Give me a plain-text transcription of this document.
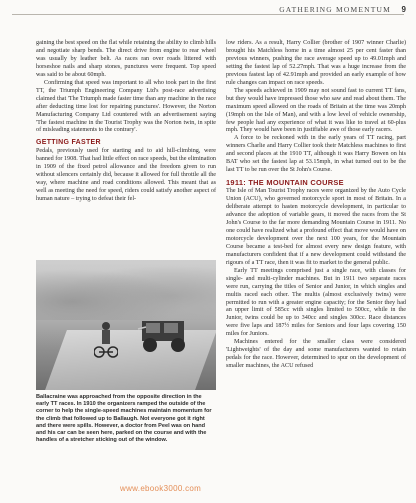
GATHERING MOMENTUM	9

gaining the best speed on the flat while retaining the ability to climb hills and negotiate sharp bends. The direct drive from engine to rear wheel was usually by leather belt. As races ran over roads littered with horseshoe nails and sharp stones, punctures were frequent. Top speed was said to be about 60mph.

Confirming that speed was important to all who took part in the first TT, the Triumph Engineering Company Ltd's post-race advertising claimed that 'The Triumph made faster time than any machine in the race after deducting time lost for repairing punctures'. However, the Norton Manufacturing Company Ltd countered with an advertisement saying 'The fastest machine in the Tourist Trophy was the Norton twin, in spite of misleading statements to the contrary'.

GETTING FASTER

Pedals, previously used for starting and to aid hill-climbing, were banned for 1908. That had little effect on race speeds, but the elimination in 1909 of the fixed petrol allowance and the freedom given to run without silencers certainly did, because it allowed for full throttle all the way, where machine and road conditions allowed. This meant that as well as meeting the need for speed, riders could satisfy another aspect of human nature – trying to defeat their fel-

Ballacraine was approached from the opposite direction in the early TT races. In 1910 the organizers ramped the outside of the corner to help the single-speed machines maintain momentum for the climb that followed up to Ballaugh. Not everyone got it right and there were spills. However, a doctor from Peel was on hand and his car can be seen here, parked on the course and with the handles of a stretcher sticking out of the window.

low riders. As a result, Harry Collier (brother of 1907 winner Charlie) brought his Matchless home in a time almost 25 per cent faster than previous winners, pushing the race average speed up to 49.01mph and setting the fastest lap of 52.27mph. That was a huge increase from the previous fastest lap of 42.91mph and provided an early example of how rule changes can impact on race speeds.

The speeds achieved in 1909 may not sound fast to current TT fans, but they would have impressed those who saw and read about them. The maximum speed allowed on the roads of Britain at the time was 20mph (19mph on the Isle of Man), and with a low level of vehicle ownership, few people had any experience of what it was like to travel at 60-plus mph. They would have been in justifiable awe of those early racers.

A force to be reckoned with in the early years of TT racing, part winners Charlie and Harry Collier took their Matchless machines to first and second places at the 1910 TT, although it was Harry Bowen on his BAT who set the fastest lap at 53.15mph, in what turned out to be the last TT to be run over the St John's Course.

1911: THE MOUNTAIN COURSE

The Isle of Man Tourist Trophy races were organized by the Auto Cycle Union (ACU), who governed motorcycle sport in most of Britain. In a deliberate attempt to hasten motorcycle development, in particular to advance the adoption of variable gears, it moved the races from the St John's Course to the far more demanding Mountain Course in 1911. No one could have realized what a profound effect that move would have on motorcycle development over the next 100 years, for the Mountain Course became a test-bed for almost every new design feature, with manufacturers confident that if a new development could withstand the rigours of a TT race, then it was fit to market to the general public.

Early TT meetings comprised just a single race, with classes for single- and multi-cylinder machines. But in 1911 two separate races were run, carrying the titles of Senior and Junior, in which singles and multis raced each other. The multis (almost exclusively twins) were permitted to run with a greater engine capacity; for the Senior they had an upper limit of 585cc with singles limited to 500cc, while in the Junior, twins could be up to 340cc and singles 300cc. Race distances were five laps and 187½ miles for Seniors and four laps covering 150 miles for Juniors.

Machines entered for the smaller class were considered 'Lightweights' of the day and some manufacturers wanted to retain pedals for the race. However, determined to spur on the development of smaller machines, the ACU refused

www.ebook3000.com
